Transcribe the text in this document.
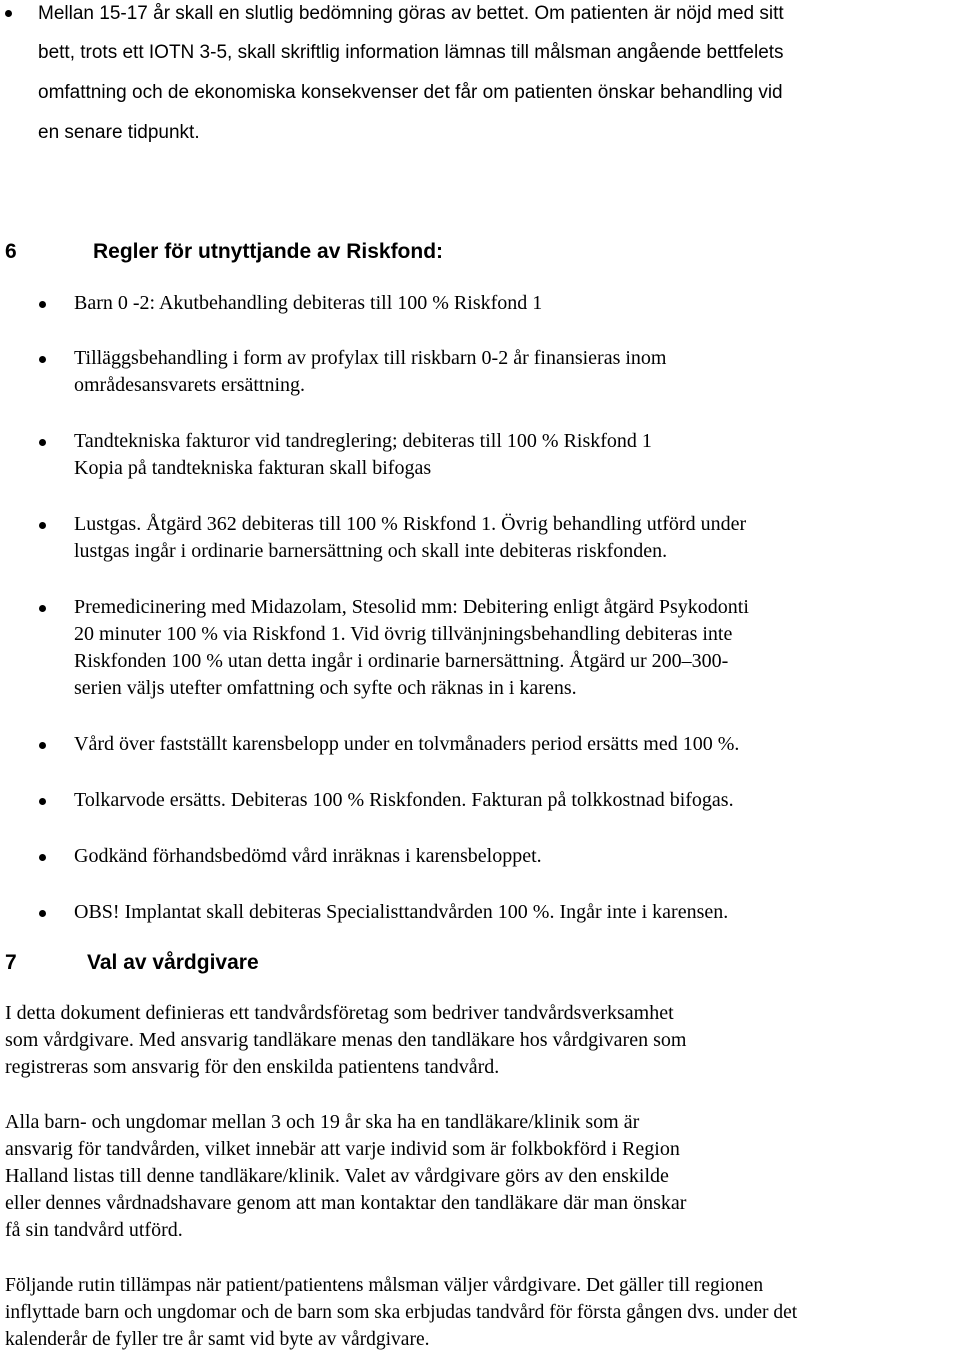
Mellan 15-17 år skall en slutlig bedömning göras av bettet. Om patienten är nöjd med sitt
bett, trots ett IOTN 3-5, skall skriftlig information lämnas till målsman angående bettfelets
omfattning och de ekonomiska konsekvenser det får om patienten önskar behandling vid
en senare tidpunkt.
6	Regler för utnyttjande av Riskfond:
Barn 0 -2: Akutbehandling debiteras till 100 % Riskfond 1
Tilläggsbehandling i form av profylax till riskbarn 0-2 år finansieras inom
områdesansvarets ersättning.
Tandtekniska fakturor vid tandreglering; debiteras till 100 % Riskfond 1
Kopia på tandtekniska fakturan skall bifogas
Lustgas. Åtgärd 362 debiteras till 100 % Riskfond 1. Övrig behandling utförd under
lustgas ingår i ordinarie barnersättning och skall inte debiteras riskfonden.
Premedicinering med Midazolam, Stesolid mm: Debitering enligt åtgärd Psykodonti
20 minuter 100 % via Riskfond 1. Vid övrig tillvänjningsbehandling debiteras inte
Riskfonden 100 % utan detta ingår i ordinarie barnersättning. Åtgärd ur 200–300-
serien väljs utefter omfattning och syfte och räknas in i karens.
Vård över fastställt karensbelopp under en tolvmånaders period ersätts med 100 %.
Tolkarvode ersätts. Debiteras 100 % Riskfonden. Fakturan på tolkkostnad bifogas.
Godkänd förhandsbedömd vård inräknas i karensbeloppet.
OBS! Implantat skall debiteras Specialisttandvården 100 %. Ingår inte i karensen.
7	Val av vårdgivare
I detta dokument definieras ett tandvårdsföretag som bedriver tandvårdsverksamhet
som vårdgivare. Med ansvarig tandläkare menas den tandläkare hos vårdgivaren som
registreras som ansvarig för den enskilda patientens tandvård.
Alla barn- och ungdomar mellan 3 och 19 år ska ha en tandläkare/klinik som är
ansvarig för tandvården, vilket innebär att varje individ som är folkbokförd i Region
Halland listas till denne tandläkare/klinik. Valet av vårdgivare görs av den enskilde
eller dennes vårdnadshavare genom att man kontaktar den tandläkare där man önskar
få sin tandvård utförd.
Följande rutin tillämpas när patient/patientens målsman väljer vårdgivare. Det gäller till regionen
inflyttade barn och ungdomar och de barn som ska erbjudas tandvård för första gången dvs. under det
kalenderår de fyller tre år samt vid byte av vårdgivare.
